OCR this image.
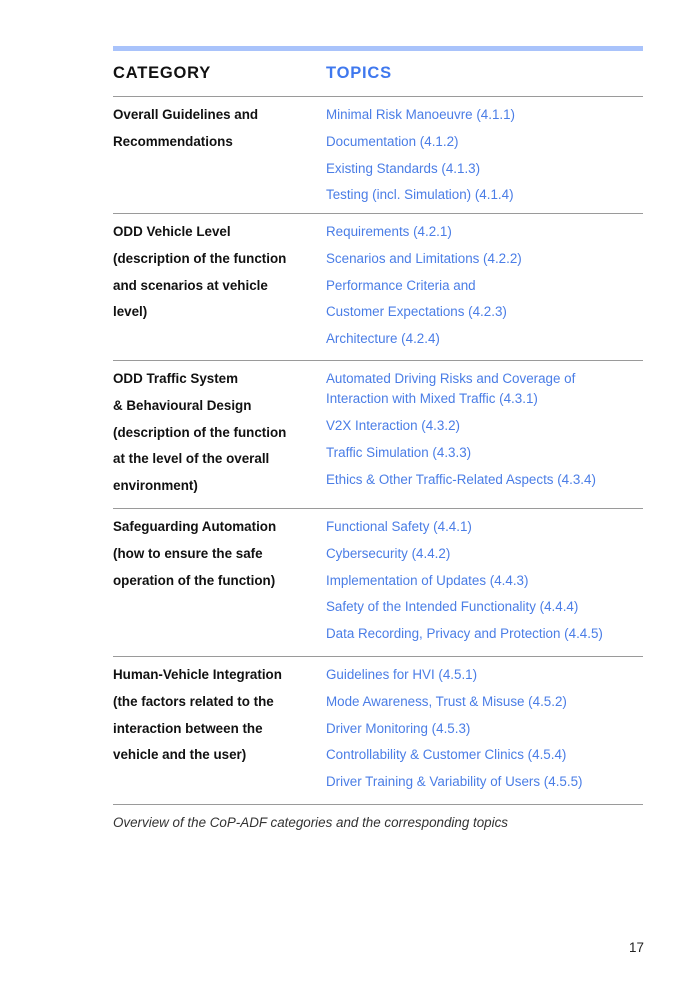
CATEGORY	TOPICS
Overall Guidelines and
Recommendations
Minimal Risk Manoeuvre (4.1.1)
Documentation (4.1.2)
Existing Standards (4.1.3)
Testing (incl. Simulation) (4.1.4)
ODD Vehicle Level
(description of the function
and scenarios at vehicle
level)
Requirements (4.2.1)
Scenarios and Limitations (4.2.2)
Performance Criteria and
Customer Expectations (4.2.3)
Architecture (4.2.4)
ODD Traffic System
& Behavioural Design
(description of the function
at the level of the overall
environment)
Automated Driving Risks and Coverage of Interaction with Mixed Traffic (4.3.1)
V2X Interaction (4.3.2)
Traffic Simulation (4.3.3)
Ethics & Other Traffic-Related Aspects (4.3.4)
Safeguarding Automation
(how to ensure the safe
operation of the function)
Functional Safety (4.4.1)
Cybersecurity (4.4.2)
Implementation of Updates (4.4.3)
Safety of the Intended Functionality (4.4.4)
Data Recording, Privacy and Protection (4.4.5)
Human-Vehicle Integration
(the factors related to the
interaction between the
vehicle and the user)
Guidelines for HVI (4.5.1)
Mode Awareness, Trust & Misuse (4.5.2)
Driver Monitoring (4.5.3)
Controllability & Customer Clinics (4.5.4)
Driver Training & Variability of Users (4.5.5)
Overview of the CoP-ADF categories and the corresponding topics
17
